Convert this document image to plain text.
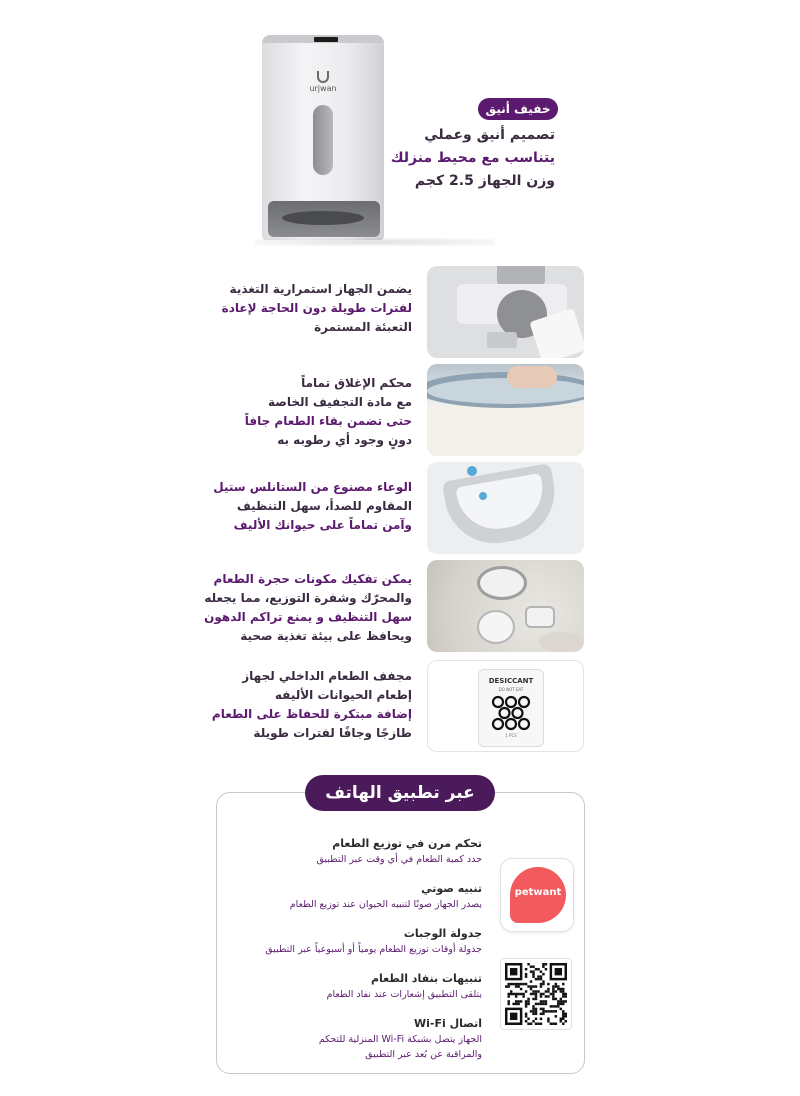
urjwan
خفيف أنيق
تصميم أنيق وعملي
يتناسب مع محيط منزلك
وزن الجهاز 2.5 كجم
يضمن الجهاز استمرارية التغذية
لفترات طويلة دون الحاجة لإعادة
التعبئة المستمرة
محكم الإغلاق تماماً
مع مادة التجفيف الخاصة
حتى تضمن بقاء الطعام جافاً
دونٍ وجود أي رطوبه به
الوعاء مصنوع من الستانلس ستيل
المقاوم للصدأ، سهل التنظيف
وآمن تماماً على حيوانك الأليف
يمكن تفكيك مكونات حجرة الطعام
والمحرّك وشفرة التوزيع، مما يجعله
سهل التنظيف و يمنع تراكم الدهون
ويحافظ على بيئة تغذية صحية
مجفف الطعام الداخلي لجهاز
إطعام الحيوانات الأليفه
إضافة مبتكرة للحفاظ على الطعام
طازجًا وجافًا لفترات طويلة
DESICCANT
DO NOT EAT
1 PCS
عبر تطبيق الهاتف
تحكم مرن في توزيع الطعام
حدد كمية الطعام في أي وقت عبر التطبيق
تنبيه صوتي
يصدر الجهاز صوتًا لتنبيه الحيوان عند توزيع الطعام
جدولة الوجبات
جدولة أوقات توزيع الطعام يومياً أو أسبوعياً عبر التطبيق
تنبيهات بنفاد الطعام
يتلقى التطبيق إشعارات عند نفاد الطعام
اتصال Wi-Fi
الجهاز يتصل بشبكة Wi-Fi المنزلية للتحكم
والمراقبة عن بُعد عبر التطبيق
petwant
